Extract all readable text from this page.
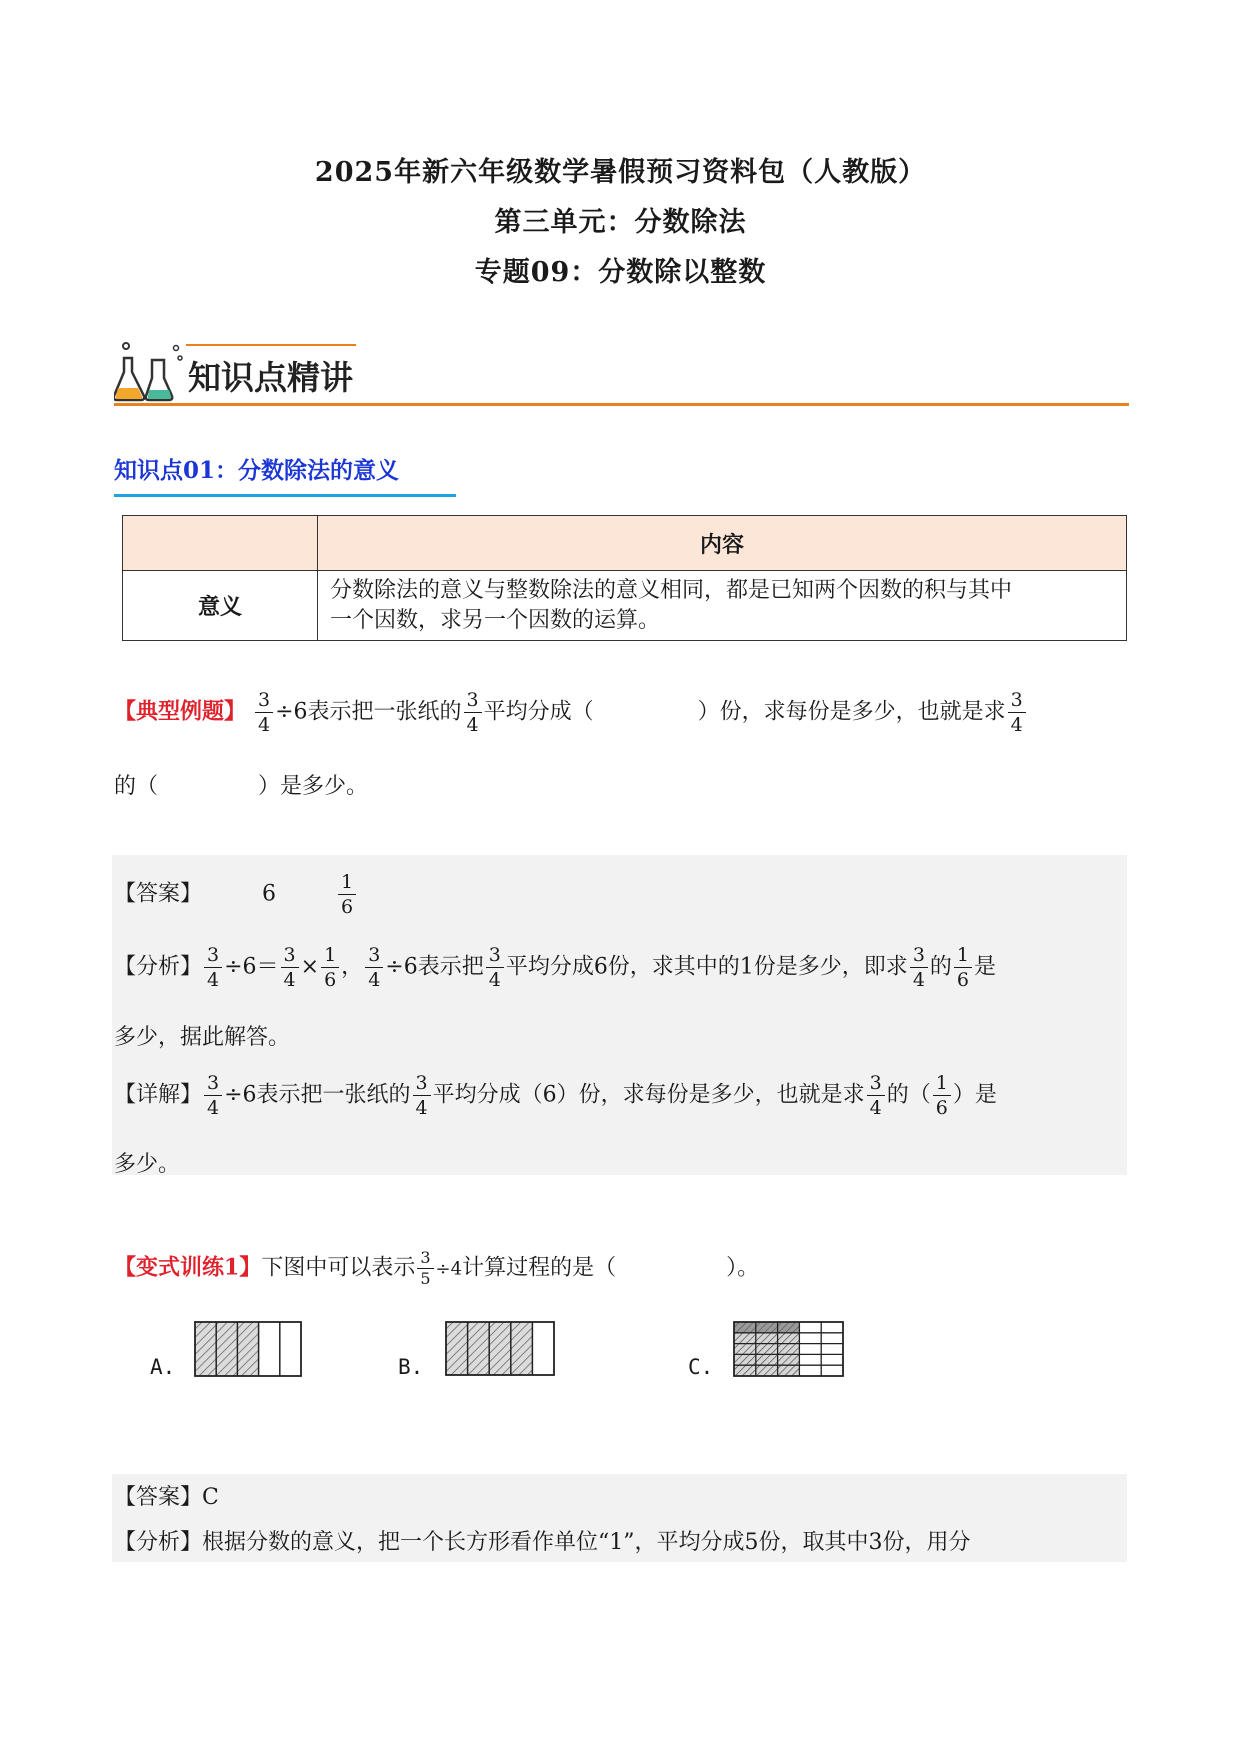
2025年新六年级数学暑假预习资料包（人教版）
第三单元：分数除法
专题09：分数除以整数
知识点精讲
知识点01：分数除法的意义
	内容
意义	分数除法的意义与整数除法的意义相同，都是已知两个因数的积与其中
一个因数，求另一个因数的运算。
【典型例题】 $\frac{3}{4} \div 6$表示把一张纸的 $\frac{3}{4}$ 平均分成（	）份，求每份是多少，也就是求 $\frac{3}{4}$
的（	）是多少。
【答案】	6	$\frac{1}{6}$
【分析】 $\frac{3}{4} \div 6= \frac{3}{4} \times \frac{1}{6}$ ， $\frac{3}{4} \div 6$表示把 $\frac{3}{4}$ 平均分成6份，求其中的1份是多少，即求 $\frac{3}{4}$ 的 $\frac{1}{6}$ 是
多少，据此解答。
【详解】 $\frac{3}{4} \div 6$表示把一张纸的 $\frac{3}{4}$ 平均分成（6）份，求每份是多少，也就是求 $\frac{3}{4}$ 的（ $\frac{1}{6}$ ）是
多少。
【变式训练1】下图中可以表示 $\frac{3}{5} \div 4$计算过程的是（	）。
A.	B.	C.
【答案】C
【分析】根据分数的意义，把一个长方形看作单位“1”，平均分成5份，取其中3份，用分
